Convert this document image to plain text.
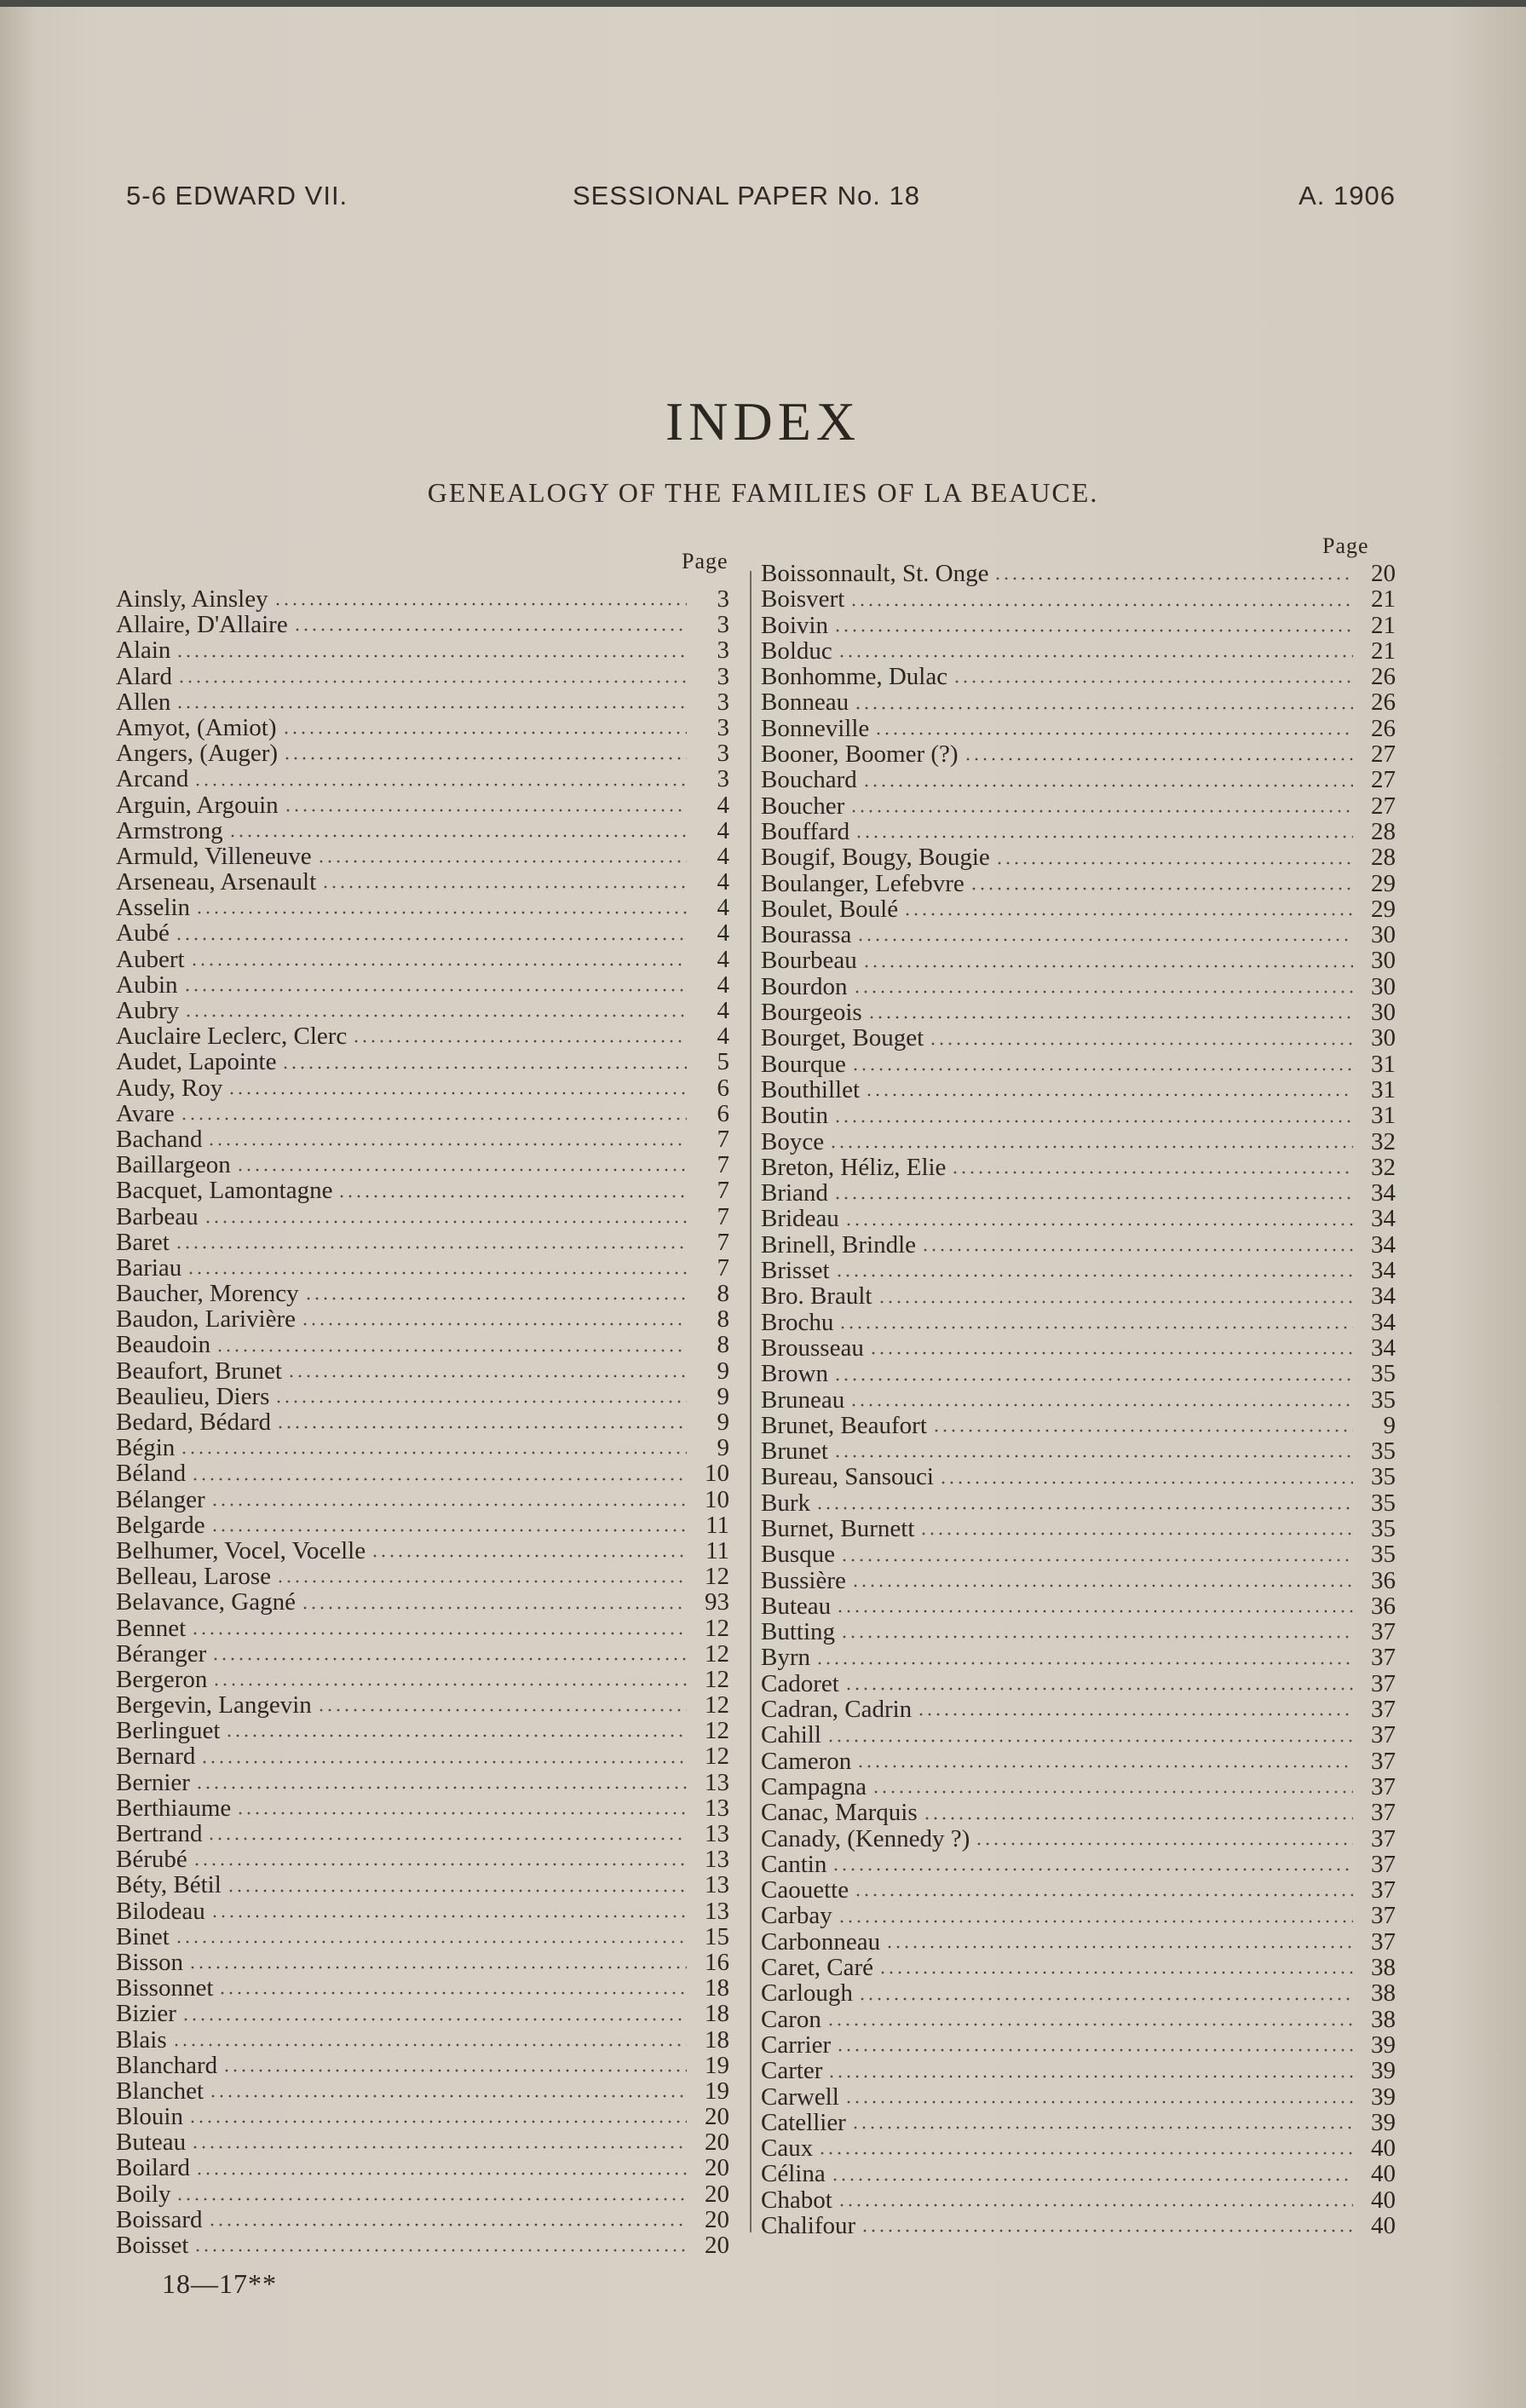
5-6 EDWARD VII.	SESSIONAL PAPER No. 18	A. 1906
INDEX
GENEALOGY OF THE FAMILIES OF LA BEAUCE.
Page
Page
Ainsly, Ainsley	3
Allaire, D'Allaire	3
Alain	3
Alard	3
Allen	3
Amyot, (Amiot)	3
Angers, (Auger)	3
Arcand	3
Arguin, Argouin	4
Armstrong	4
Armuld, Villeneuve	4
Arseneau, Arsenault	4
Asselin	4
Aubé	4
Aubert	4
Aubin	4
Aubry	4
Auclaire Leclerc, Clerc	4
Audet, Lapointe	5
Audy, Roy	6
Avare	6
Bachand	7
Baillargeon	7
Bacquet, Lamontagne	7
Barbeau	7
Baret	7
Bariau	7
Baucher, Morency	8
Baudon, Larivière	8
Beaudoin	8
Beaufort, Brunet	9
Beaulieu, Diers	9
Bedard, Bédard	9
Bégin	9
Béland	10
Bélanger	10
Belgarde	11
Belhumer, Vocel, Vocelle	11
Belleau, Larose	12
Belavance, Gagné	93
Bennet	12
Béranger	12
Bergeron	12
Bergevin, Langevin	12
Berlinguet	12
Bernard	12
Bernier	13
Berthiaume	13
Bertrand	13
Bérubé	13
Béty, Bétil	13
Bilodeau	13
Binet	15
Bisson	16
Bissonnet	18
Bizier	18
Blais	18
Blanchard	19
Blanchet	19
Blouin	20
Buteau	20
Boilard	20
Boily	20
Boissard	20
Boisset	20
Boissonnault, St. Onge	20
Boisvert	21
Boivin	21
Bolduc	21
Bonhomme, Dulac	26
Bonneau	26
Bonneville	26
Booner, Boomer (?)	27
Bouchard	27
Boucher	27
Bouffard	28
Bougif, Bougy, Bougie	28
Boulanger, Lefebvre	29
Boulet, Boulé	29
Bourassa	30
Bourbeau	30
Bourdon	30
Bourgeois	30
Bourget, Bouget	30
Bourque	31
Bouthillet	31
Boutin	31
Boyce	32
Breton, Héliz, Elie	32
Briand	34
Brideau	34
Brinell, Brindle	34
Brisset	34
Bro. Brault	34
Brochu	34
Brousseau	34
Brown	35
Bruneau	35
Brunet, Beaufort	9
Brunet	35
Bureau, Sansouci	35
Burk	35
Burnet, Burnett	35
Busque	35
Bussière	36
Buteau	36
Butting	37
Byrn	37
Cadoret	37
Cadran, Cadrin	37
Cahill	37
Cameron	37
Campagna	37
Canac, Marquis	37
Canady, (Kennedy ?)	37
Cantin	37
Caouette	37
Carbay	37
Carbonneau	37
Caret, Caré	38
Carlough	38
Caron	38
Carrier	39
Carter	39
Carwell	39
Catellier	39
Caux	40
Célina	40
Chabot	40
Chalifour	40
18—17**
